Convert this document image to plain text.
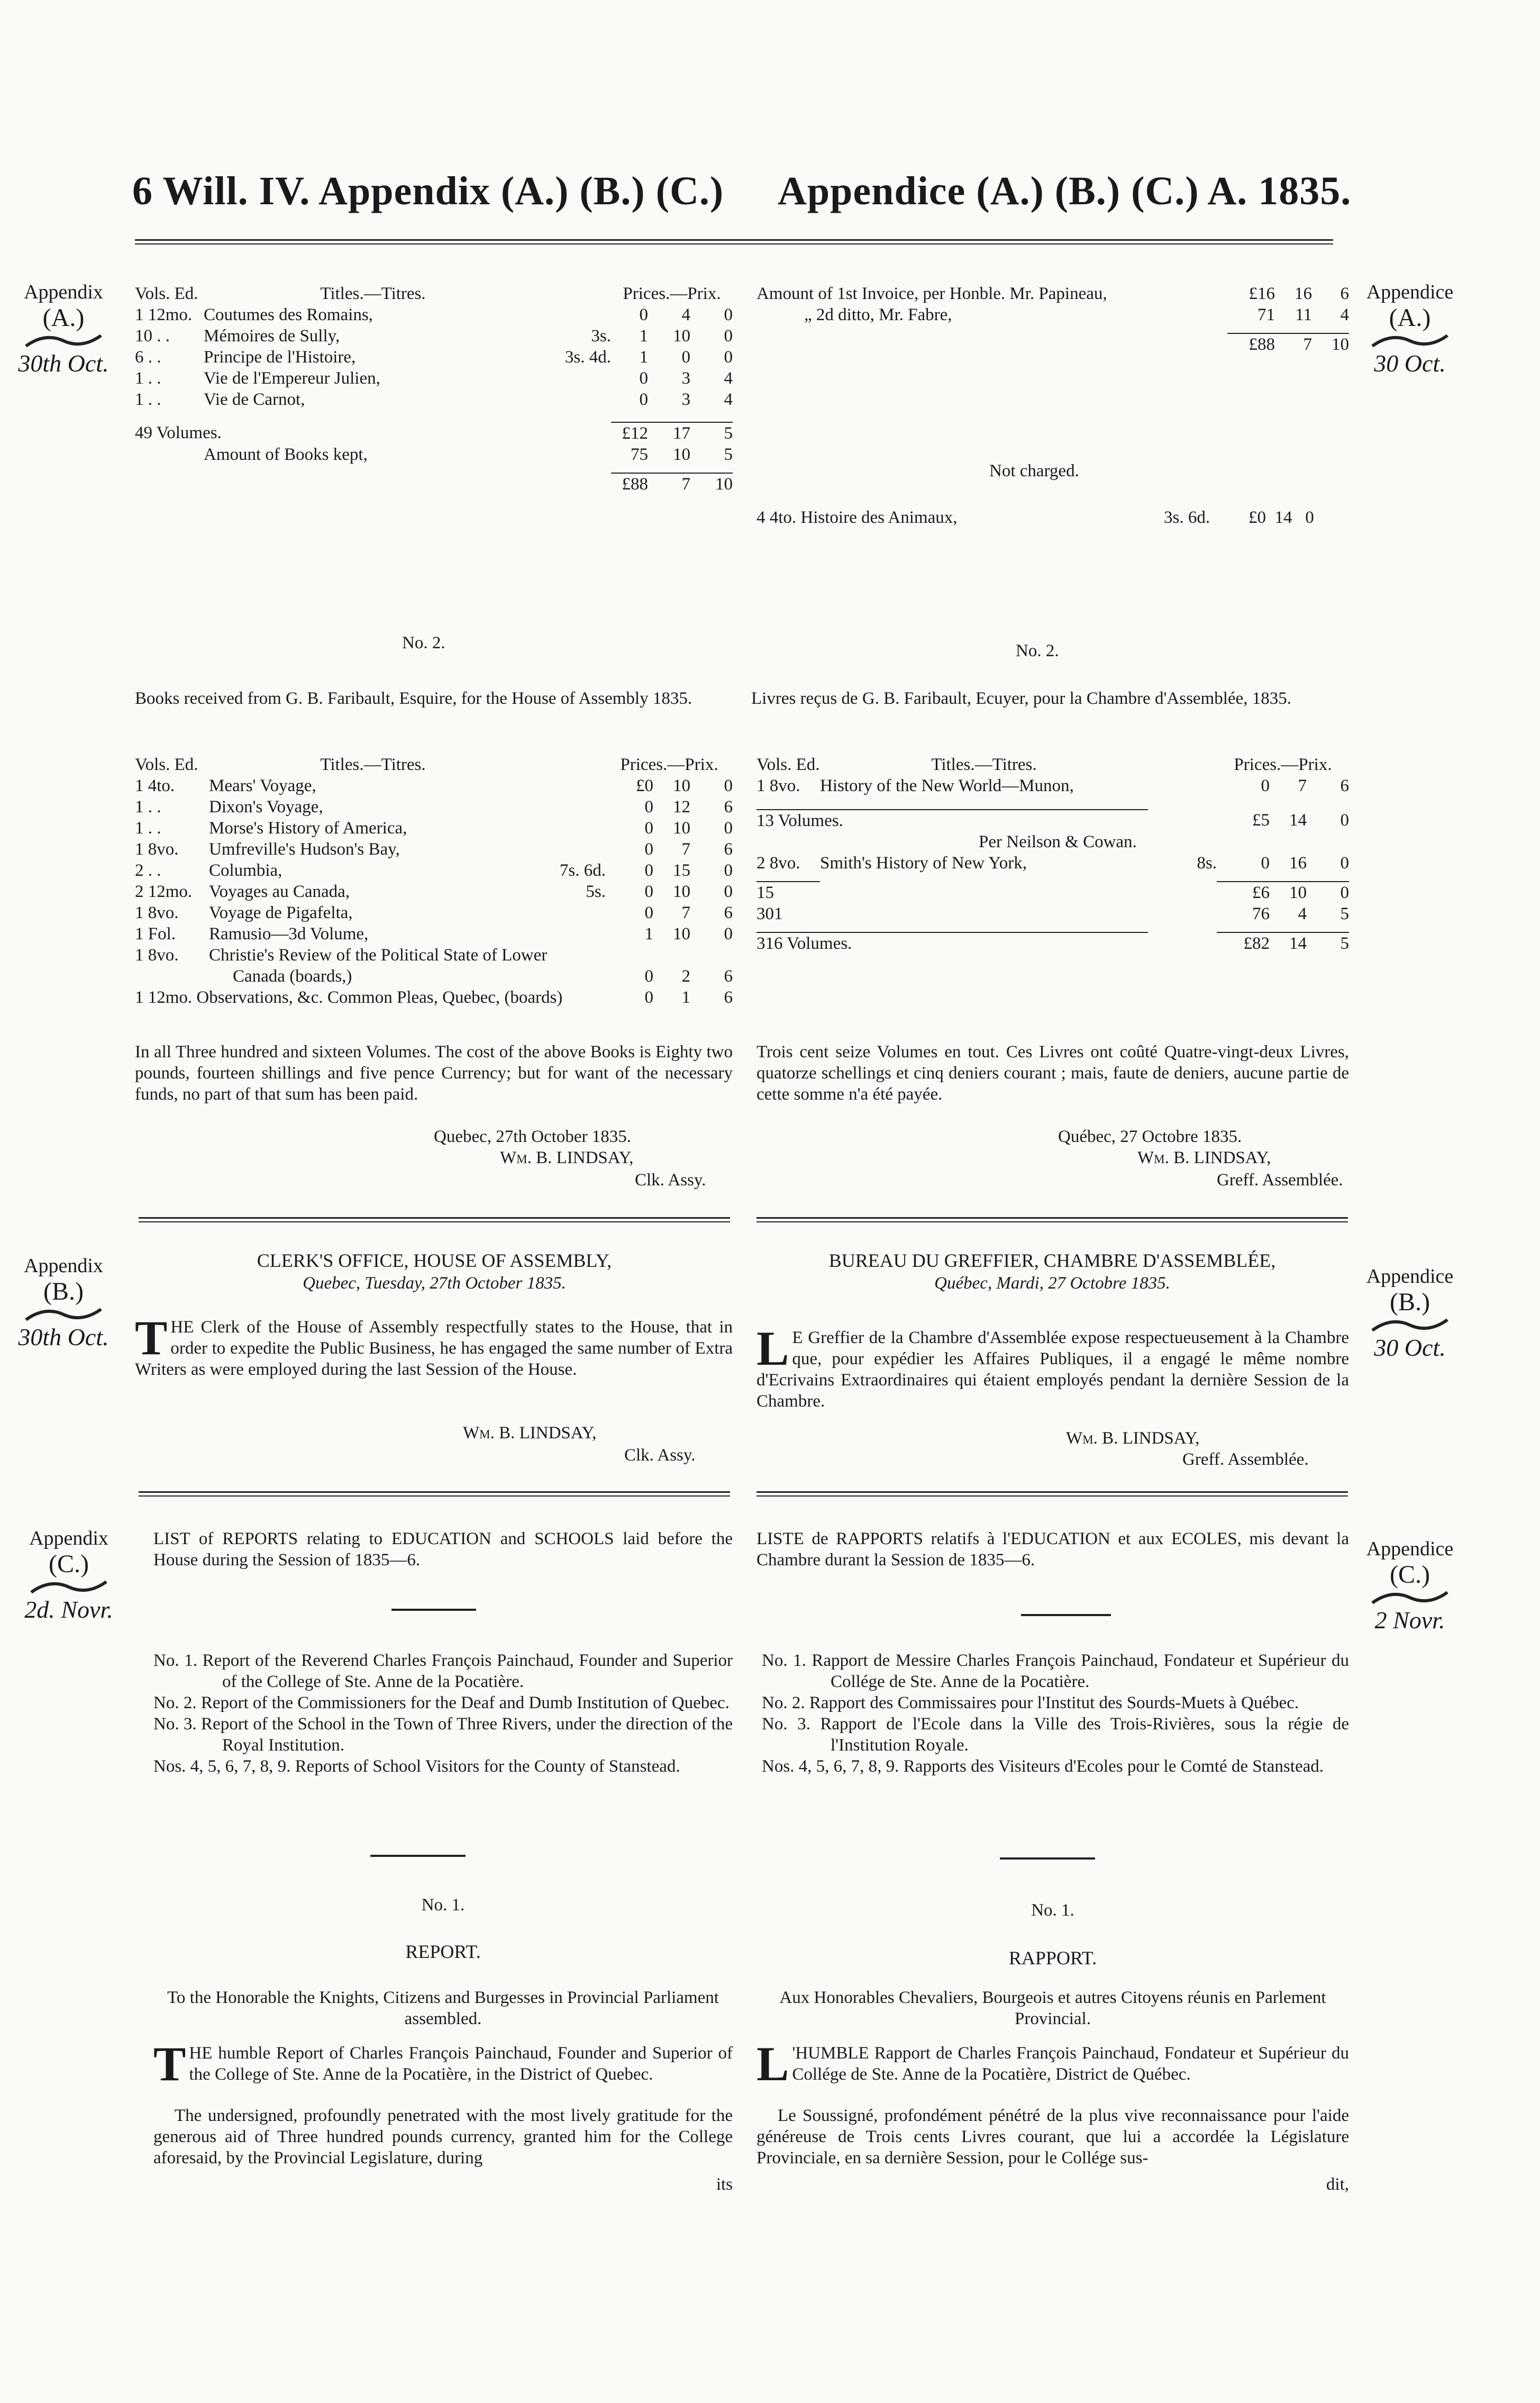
6 Will. IV. Appendix (A.) (B.) (C.) Appendice (A.) (B.) (C.) A. 1835.
Appendix
(A.)
30th Oct.
Appendice
(A.)
30 Oct.
Appendix
(B.)
30th Oct.
Appendice
(B.)
30 Oct.
Appendix
(C.)
2d. Novr.
Appendice
(C.)
2 Novr.
Vols. Ed.	Titles.—Titres.		Prices.—Prix.		
1 12mo.	Coutumes des Romains,		0	4	0
10 . .	Mémoires de Sully,	3s.	1	10	0
6 . .	Principe de l'Histoire,	3s. 4d.	1	0	0
1 . .	Vie de l'Empereur Julien,		0	3	4
1 . .	Vie de Carnot,		0	3	4

49 Volumes.			£12	17	5
	Amount of Books kept,		75	10	5

			£88	7	10
Amount of 1st Invoice, per Honble. Mr. Papineau,	£16	16	6
„ 2d ditto, Mr. Fabre,	71	11	4

	£88	7	10
Not charged.
4 4to. Histoire des Animaux,	3s. 6d. £0 14 0
No. 2.	No. 2.
Books received from G. B. Faribault, Esquire, for the House of Assembly 1835.	Livres reçus de G. B. Faribault, Ecuyer, pour la Chambre d'Assemblée, 1835.
Vols. Ed.	Titles.—Titres.		Prices.—Prix.		
1 4to.	Mears' Voyage,		£0	10	0
1 . .	Dixon's Voyage,		0	12	6
1 . .	Morse's History of America,		0	10	0
1 8vo.	Umfreville's Hudson's Bay,		0	7	6
2 . .	Columbia,	7s. 6d.	0	15	0
2 12mo.	Voyages au Canada,	5s.	0	10	0
1 8vo.	Voyage de Pigafelta,		0	7	6
1 Fol.	Ramusio—3d Volume,		1	10	0
1 8vo.	Christie's Review of the Political State of Lower				
	Canada (boards,)		0	2	6
1 12mo. Observations, &c. Common Pleas, Quebec, (boards)			0	1	6
Vols. Ed.	Titles.—Titres.		Prices.—Prix.		
1 8vo.	History of the New World—Munon,		0	7	6

13 Volumes.			£5	14	0
	Per Neilson & Cowan.				
2 8vo.	Smith's History of New York,	8s.	0	16	0

15			£6	10	0
301			76	4	5

316 Volumes.			£82	14	5
In all Three hundred and sixteen Volumes. The cost of the above Books is Eighty two pounds, fourteen shillings and five pence Currency; but for want of the necessary funds, no part of that sum has been paid.
Trois cent seize Volumes en tout. Ces Livres ont coûté Quatre-vingt-deux Livres, quatorze schellings et cinq deniers courant ; mais, faute de deniers, aucune partie de cette somme n'a été payée.
Quebec, 27th October 1835.
Wm. B. LINDSAY,
Clk. Assy.
Québec, 27 Octobre 1835.
Wm. B. LINDSAY,
Greff. Assemblée.
CLERK'S OFFICE, HOUSE OF ASSEMBLY,
Quebec, Tuesday, 27th October 1835.
THE Clerk of the House of Assembly respectfully states to the House, that in order to expedite the Public Business, he has engaged the same number of Extra Writers as were employed during the last Session of the House.
Wm. B. LINDSAY,
Clk. Assy.
BUREAU DU GREFFIER, CHAMBRE D'ASSEMBLÉE,
Québec, Mardi, 27 Octobre 1835.
L E Greffier de la Chambre d'Assemblée expose respectueusement à la Chambre que, pour expédier les Affaires Publiques, il a engagé le même nombre d'Ecrivains Extraordinaires qui étaient employés pendant la dernière Session de la Chambre.
Wm. B. LINDSAY,
Greff. Assemblée.
LIST of REPORTS relating to EDUCATION and SCHOOLS laid before the House during the Session of 1835—6.
LISTE de RAPPORTS relatifs à l'EDUCATION et aux ECOLES, mis devant la Chambre durant la Session de 1835—6.
No. 1. Report of the Reverend Charles François Painchaud, Founder and Superior of the College of Ste. Anne de la Pocatière.
No. 2. Report of the Commissioners for the Deaf and Dumb Institution of Quebec.
No. 3. Report of the School in the Town of Three Rivers, under the direction of the Royal Institution.
Nos. 4, 5, 6, 7, 8, 9. Reports of School Visitors for the County of Stanstead.
No. 1. Rapport de Messire Charles François Painchaud, Fondateur et Supérieur du Collége de Ste. Anne de la Pocatière.
No. 2. Rapport des Commissaires pour l'Institut des Sourds-Muets à Québec.
No. 3. Rapport de l'Ecole dans la Ville des Trois-Rivières, sous la régie de l'Institution Royale.
Nos. 4, 5, 6, 7, 8, 9. Rapports des Visiteurs d'Ecoles pour le Comté de Stanstead.
No. 1.	No. 1.
REPORT.	RAPPORT.
To the Honorable the Knights, Citizens and Burgesses in Provincial Parliament assembled.
Aux Honorables Chevaliers, Bourgeois et autres Citoyens réunis en Parlement Provincial.
THE humble Report of Charles François Painchaud, Founder and Superior of the College of Ste. Anne de la Pocatière, in the District of Quebec.
The undersigned, profoundly penetrated with the most lively gratitude for the generous aid of Three hundred pounds currency, granted him for the College aforesaid, by the Provincial Legislature, during
its
L 'HUMBLE Rapport de Charles François Painchaud, Fondateur et Supérieur du Collége de Ste. Anne de la Pocatière, District de Québec.
Le Soussigné, profondément pénétré de la plus vive reconnaissance pour l'aide généreuse de Trois cents Livres courant, que lui a accordée la Législature Provinciale, en sa dernière Session, pour le Collége sus-
dit,
